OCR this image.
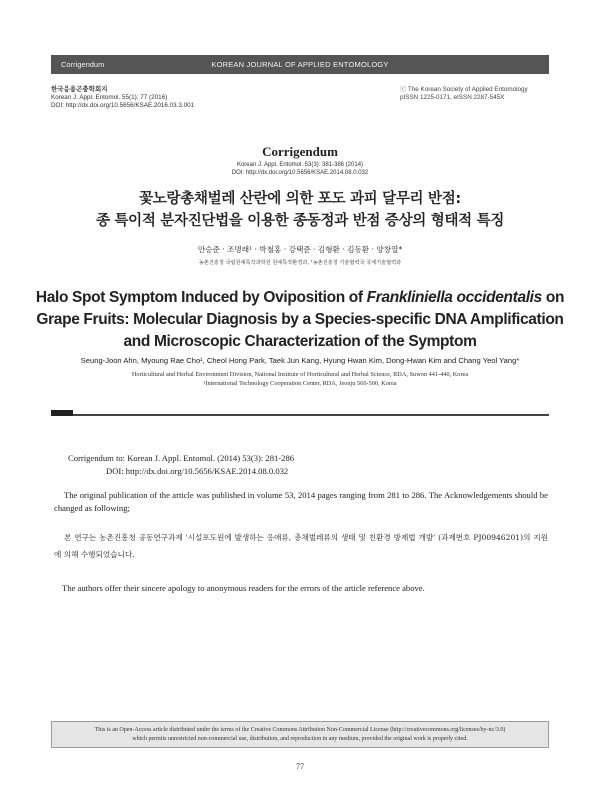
Corrigendum	KOREAN JOURNAL OF APPLIED ENTOMOLOGY
한국응용곤충학회지
Korean J. Appl. Entomol. 55(1): 77 (2016)
DOI: http://dx.doi.org/10.5656/KSAE.2016.03.3.001
ⓒ The Korean Society of Applied Entomology
pISSN 1225-0171, eISSN 2287-545X
Corrigendum
Korean J. Appl. Entomol. 53(3): 381-386 (2014)
DOI: http://dx.doi.org/10.5656/KSAE.2014.08.0.032
꽃노랑총채벌레 산란에 의한 포도 과피 달무리 반점:
종 특이적 분자진단법을 이용한 종동정과 반점 증상의 형태적 특징
안승준 · 조명래¹ · 박철홍 · 강택준 · 김형환 · 김동환 · 양창열*
농촌진흥청 국립원예특작과학원 원예특작환경과, ¹농촌진흥청 기술협력국 국제기술협력과
Halo Spot Symptom Induced by Oviposition of Frankliniella occidentalis on Grape Fruits: Molecular Diagnosis by a Species-specific DNA Amplification and Microscopic Characterization of the Symptom
Seung-Joon Ahn, Myoung Rae Cho¹, Cheol Hong Park, Taek Jun Kang, Hyung Hwan Kim, Dong-Hwan Kim and Chang Yeol Yang*
Horticultural and Herbal Environment Division, National Institute of Horticultural and Herbal Science, RDA, Suwon 441-440, Korea
¹International Technology Cooperation Center, RDA, Jeonju 560-500, Korea
Corrigendum to: Korean J. Appl. Entomol. (2014) 53(3): 281-286
DOI: http://dx.doi.org/10.5656/KSAE.2014.08.0.032
The original publication of the article was published in volume 53, 2014 pages ranging from 281 to 286. The Acknowledgements should be changed as following;
본 연구는 농촌진흥청 공동연구과제 '시설포도원에 발생하는 응애류, 총채벌레류의 생태 및 친환경 방제법 개발' (과제번호 PJ00946201)의 지원에 의해 수행되었습니다.
The authors offer their sincere apology to anonymous readers for the errors of the article reference above.
This is an Open-Access article distributed under the terms of the Creative Commons Attribution Non-Commercial License (http://creativecommons.org/licenses/by-nc/3.0)
which permits unrestricted non-commercial use, distribution, and reproduction in any medium, provided the original work is properly cited.
77
